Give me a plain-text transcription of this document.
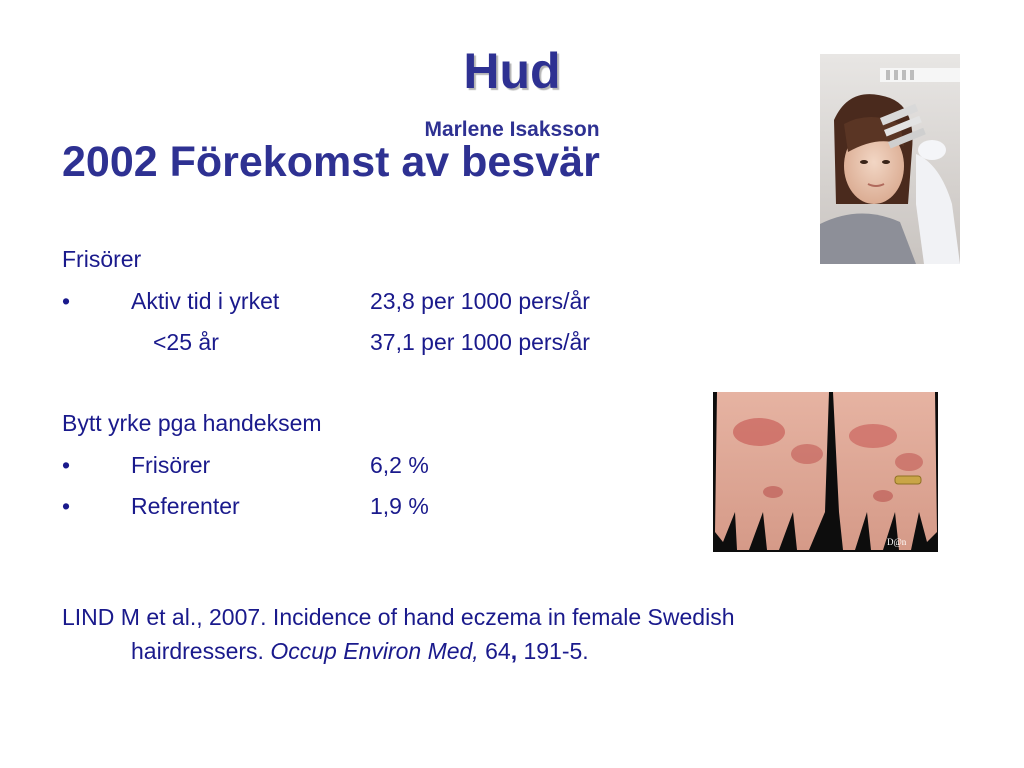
Hud
Marlene Isaksson
2002 Förekomst av besvär
Frisörer
•	Aktiv tid i yrket	23,8 per 1000 pers/år
<25 år	37,1 per 1000 pers/år
Bytt yrke pga handeksem
•	Frisörer	6,2 %
•	Referenter	1,9 %
LIND M et al., 2007. Incidence of hand eczema in female Swedish
hairdressers. Occup Environ Med, 64, 191-5.
D@n
